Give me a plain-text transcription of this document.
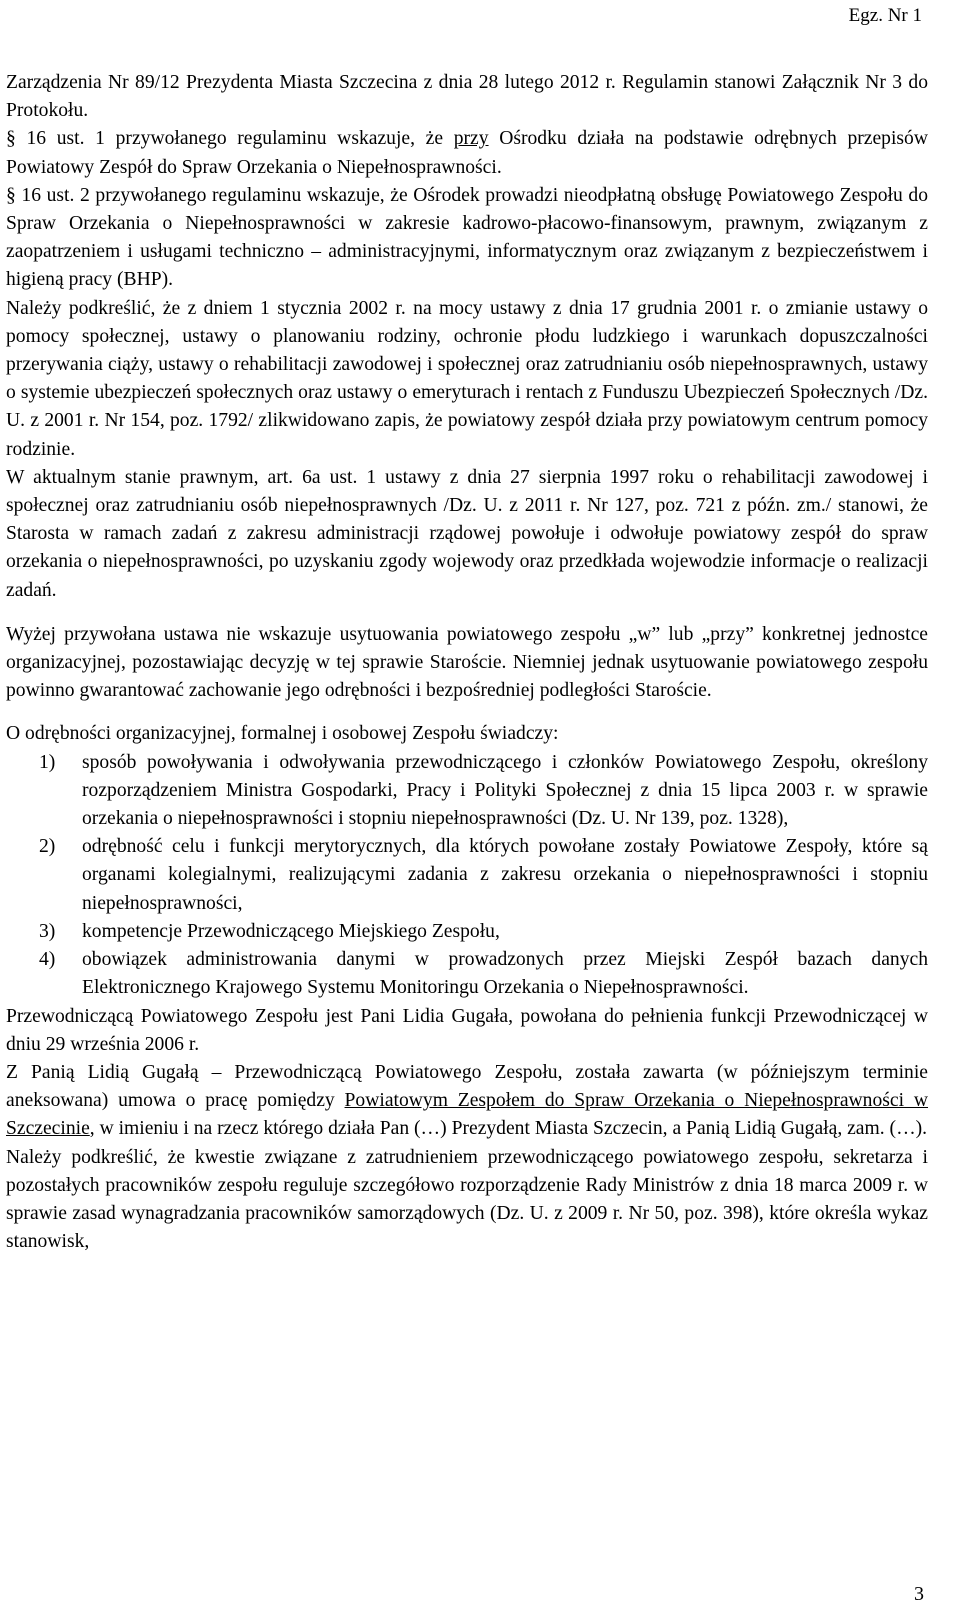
Egz. Nr 1

Zarządzenia Nr 89/12 Prezydenta Miasta Szczecina z dnia 28 lutego 2012 r. Regulamin stanowi Załącznik Nr 3 do Protokołu.

§ 16 ust. 1 przywołanego regulaminu wskazuje, że przy Ośrodku działa na podstawie odrębnych przepisów Powiatowy Zespół do Spraw Orzekania o Niepełnosprawności.

§ 16 ust. 2 przywołanego regulaminu wskazuje, że Ośrodek prowadzi nieodpłatną obsługę Powiatowego Zespołu do Spraw Orzekania o Niepełnosprawności w zakresie kadrowo-płacowo-finansowym, prawnym, związanym z zaopatrzeniem i usługami techniczno – administracyjnymi, informatycznym oraz związanym z bezpieczeństwem i higieną pracy (BHP).

Należy podkreślić, że z dniem 1 stycznia 2002 r. na mocy ustawy z dnia 17 grudnia 2001 r. o zmianie ustawy o pomocy społecznej, ustawy o planowaniu rodziny, ochronie płodu ludzkiego i warunkach dopuszczalności przerywania ciąży, ustawy o rehabilitacji zawodowej i społecznej oraz zatrudnianiu osób niepełnosprawnych, ustawy o systemie ubezpieczeń społecznych oraz ustawy o emeryturach i rentach z Funduszu Ubezpieczeń Społecznych /Dz. U. z 2001 r. Nr 154, poz. 1792/ zlikwidowano zapis, że powiatowy zespół działa przy powiatowym centrum pomocy rodzinie.

W aktualnym stanie prawnym, art. 6a ust. 1 ustawy z dnia 27 sierpnia 1997 roku o rehabilitacji zawodowej i społecznej oraz zatrudnianiu osób niepełnosprawnych /Dz. U. z 2011 r. Nr 127, poz. 721 z późn. zm./ stanowi, że Starosta w ramach zadań z zakresu administracji rządowej powołuje i odwołuje powiatowy zespół do spraw orzekania o niepełnosprawności, po uzyskaniu zgody wojewody oraz przedkłada wojewodzie informacje o realizacji zadań.

Wyżej przywołana ustawa nie wskazuje usytuowania powiatowego zespołu „w” lub „przy” konkretnej jednostce organizacyjnej, pozostawiając decyzję w tej sprawie Staroście. Niemniej jednak usytuowanie powiatowego zespołu powinno gwarantować zachowanie jego odrębności i bezpośredniej podległości Staroście.

O odrębności organizacyjnej, formalnej i osobowej Zespołu świadczy:

1) sposób powoływania i odwoływania przewodniczącego i członków Powiatowego Zespołu, określony rozporządzeniem Ministra Gospodarki, Pracy i Polityki Społecznej z dnia 15 lipca 2003 r. w sprawie orzekania o niepełnosprawności i stopniu niepełnosprawności (Dz. U. Nr 139, poz. 1328),
2) odrębność celu i funkcji merytorycznych, dla których powołane zostały Powiatowe Zespoły, które są organami kolegialnymi, realizującymi zadania z zakresu orzekania o niepełnosprawności i stopniu niepełnosprawności,
3) kompetencje Przewodniczącego Miejskiego Zespołu,
4) obowiązek administrowania danymi w prowadzonych przez Miejski Zespół bazach danych Elektronicznego Krajowego Systemu Monitoringu Orzekania o Niepełnosprawności.

Przewodniczącą Powiatowego Zespołu jest Pani Lidia Gugała, powołana do pełnienia funkcji Przewodniczącej w dniu 29 września 2006 r.

Z Panią Lidią Gugałą – Przewodniczącą Powiatowego Zespołu, została zawarta (w późniejszym terminie aneksowana) umowa o pracę pomiędzy Powiatowym Zespołem do Spraw Orzekania o Niepełnosprawności w Szczecinie, w imieniu i na rzecz którego działa Pan (…) Prezydent Miasta Szczecin, a Panią Lidią Gugałą, zam. (…).

Należy podkreślić, że kwestie związane z zatrudnieniem przewodniczącego powiatowego zespołu, sekretarza i pozostałych pracowników zespołu reguluje szczegółowo rozporządzenie Rady Ministrów z dnia 18 marca 2009 r. w sprawie zasad wynagradzania pracowników samorządowych (Dz. U. z 2009 r. Nr 50, poz. 398), które określa wykaz stanowisk,

3
